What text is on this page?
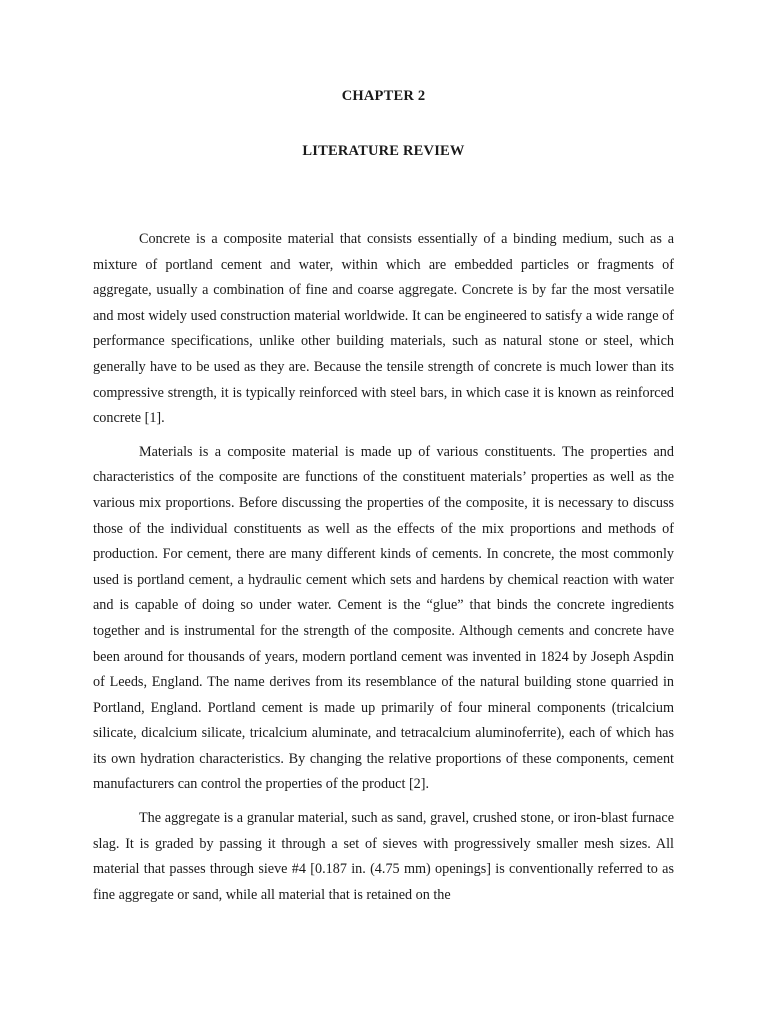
CHAPTER 2
LITERATURE REVIEW

Concrete is a composite material that consists essentially of a binding medium, such as a mixture of portland cement and water, within which are embedded particles or fragments of aggregate, usually a combination of fine and coarse aggregate. Concrete is by far the most versatile and most widely used construction material worldwide. It can be engineered to satisfy a wide range of performance specifications, unlike other building materials, such as natural stone or steel, which generally have to be used as they are. Because the tensile strength of concrete is much lower than its compressive strength, it is typically reinforced with steel bars, in which case it is known as reinforced concrete [1].

Materials is a composite material is made up of various constituents. The properties and characteristics of the composite are functions of the constituent materials’ properties as well as the various mix proportions. Before discussing the properties of the composite, it is necessary to discuss those of the individual constituents as well as the effects of the mix proportions and methods of production. For cement, there are many different kinds of cements. In concrete, the most commonly used is portland cement, a hydraulic cement which sets and hardens by chemical reaction with water and is capable of doing so under water. Cement is the “glue” that binds the concrete ingredients together and is instrumental for the strength of the composite. Although cements and concrete have been around for thousands of years, modern portland cement was invented in 1824 by Joseph Aspdin of Leeds, England. The name derives from its resemblance of the natural building stone quarried in Portland, England. Portland cement is made up primarily of four mineral components (tricalcium silicate, dicalcium silicate, tricalcium aluminate, and tetracalcium aluminoferrite), each of which has its own hydration characteristics. By changing the relative proportions of these components, cement manufacturers can control the properties of the product [2].

The aggregate is a granular material, such as sand, gravel, crushed stone, or iron-blast furnace slag. It is graded by passing it through a set of sieves with progressively smaller mesh sizes. All material that passes through sieve #4 [0.187 in. (4.75 mm) openings] is conventionally referred to as fine aggregate or sand, while all material that is retained on the
